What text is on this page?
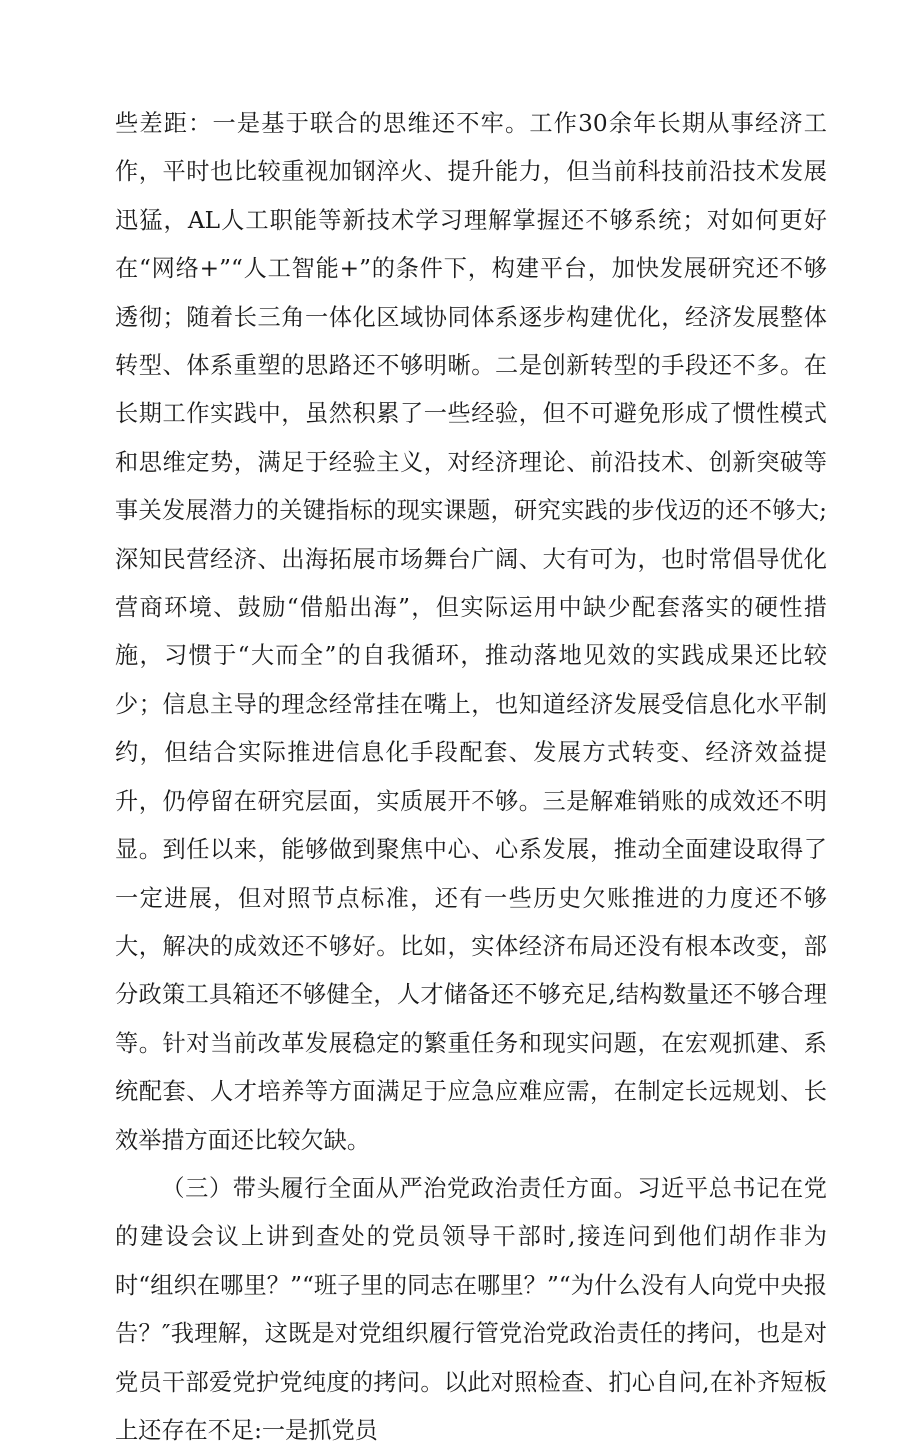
些差距：一是基于联合的思维还不牢。工作30余年长期从事经济工作，平时也比较重视加钢淬火、提升能力，但当前科技前沿技术发展迅猛，AL人工职能等新技术学习理解掌握还不够系统；对如何更好在“网络+”“人工智能+”的条件下，构建平台，加快发展研究还不够透彻；随着长三角一体化区域协同体系逐步构建优化，经济发展整体转型、体系重塑的思路还不够明晰。二是创新转型的手段还不多。在长期工作实践中，虽然积累了一些经验，但不可避免形成了惯性模式和思维定势，满足于经验主义，对经济理论、前沿技术、创新突破等事关发展潜力的关键指标的现实课题，研究实践的步伐迈的还不够大;深知民营经济、出海拓展市场舞台广阔、大有可为，也时常倡导优化营商环境、鼓励“借船出海”，但实际运用中缺少配套落实的硬性措施，习惯于“大而全”的自我循环，推动落地见效的实践成果还比较少；信息主导的理念经常挂在嘴上，也知道经济发展受信息化水平制约，但结合实际推进信息化手段配套、发展方式转变、经济效益提升，仍停留在研究层面，实质展开不够。三是解难销账的成效还不明显。到任以来，能够做到聚焦中心、心系发展，推动全面建设取得了一定进展，但对照节点标准，还有一些历史欠账推进的力度还不够大，解决的成效还不够好。比如，实体经济布局还没有根本改变，部分政策工具箱还不够健全，人才储备还不够充足,结构数量还不够合理等。针对当前改革发展稳定的繁重任务和现实问题，在宏观抓建、系统配套、人才培养等方面满足于应急应难应需，在制定长远规划、长效举措方面还比较欠缺。

（三）带头履行全面从严治党政治责任方面。习近平总书记在党的建设会议上讲到查处的党员领导干部时,接连问到他们胡作非为时“组织在哪里？”“班子里的同志在哪里？”“为什么没有人向党中央报告？″我理解，这既是对党组织履行管党治党政治责任的拷问，也是对党员干部爱党护党纯度的拷问。以此对照检查、扪心自问,在补齐短板上还存在不足:一是抓党员
